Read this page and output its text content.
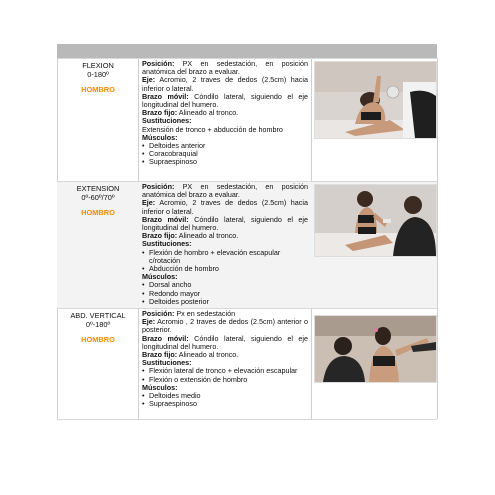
FLEXION
0-180º
HOMBRO

Posición: PX en sedestación, en posición anatómica del brazo a evaluar.

Eje: Acromio, 2 traves de dedos (2.5cm) hacia inferior o lateral.

Brazo móvil: Cóndilo lateral, siguiendo el eje longitudinal del humero.

Brazo fijo: Alineado al tronco.

Sustituciones:

Extensión de tronco + abducción de hombro

Músculos:

• Deltoides anterior
• Coracobraquial
• Supraespinoso
EXTENSION
0º-60º/70º
HOMBRO

Posición: PX en sedestación, en posición anatómica del brazo a evaluar.

Eje: Acromio, 2 traves de dedos (2.5cm) hacia inferior o lateral.

Brazo móvil: Cóndilo lateral, siguiendo el eje longitudinal del humero.

Brazo fijo: Alineado al tronco.

Sustituciones:

• Flexión de hombro + elevación escapular c/rotación
• Abducción de hombro

Músculos:

• Dorsal ancho
• Redondo mayor
• Deltoides posterior
ABD. VERTICAL
0º-180º
HOMBRO

Posición: Px en sedestación

Eje: Acromio , 2 traves de dedos (2.5cm) anterior o posterior.

Brazo móvil: Cóndilo lateral, siguiendo el eje longitudinal del humero.

Brazo fijo: Alineado al tronco.

Sustituciones:

• Flexión lateral de tronco + elevación escapular
• Flexión o extensión de hombro

Músculos:

• Deltoides medio
• Supraespinoso
